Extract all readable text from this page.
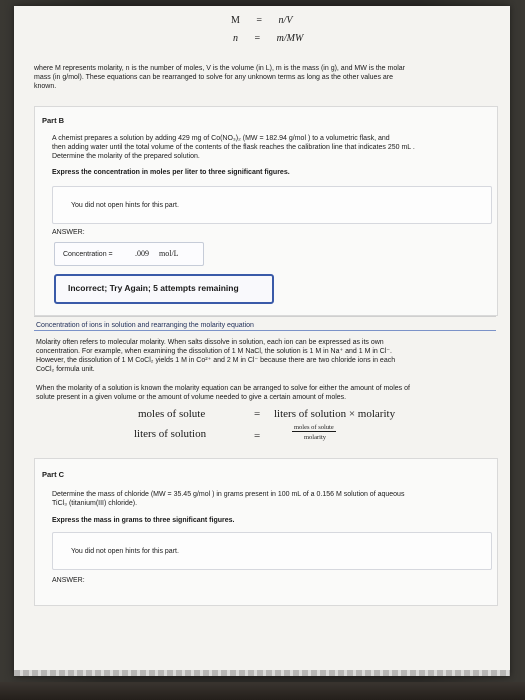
M = n/V
n = m/MW
where M represents molarity, n is the number of moles, V is the volume (in L), m is the mass (in g), and MW is the molar
mass (in g/mol). These equations can be rearranged to solve for any unknown terms as long as the other values are
known.
Part B
A chemist prepares a solution by adding 429 mg of Co(NO₃)₂ (MW = 182.94 g/mol ) to a volumetric flask, and
then adding water until the total volume of the contents of the flask reaches the calibration line that indicates 250 mL .
Determine the molarity of the prepared solution.
Express the concentration in moles per liter to three significant figures.
You did not open hints for this part.
ANSWER:
Concentration =	.009 mol/L
Incorrect; Try Again; 5 attempts remaining
Concentration of ions in solution and rearranging the molarity equation
Molarity often refers to molecular molarity. When salts dissolve in solution, each ion can be expressed as its own
concentration. For example, when examining the dissolution of 1 M NaCl, the solution is 1 M in Na⁺ and 1 M in Cl⁻.
However, the dissolution of 1 M CoCl₂ yields 1 M in Co²⁺ and 2 M in Cl⁻ because there are two chloride ions in each
CoCl₂ formula unit.
When the molarity of a solution is known the molarity equation can be arranged to solve for either the amount of moles of
solute present in a given volume or the amount of volume needed to give a certain amount of moles.
moles of solute	= liters of solution × molarity
liters of solution	=
moles of solute
molarity
Part C
Determine the mass of chloride (MW = 35.45 g/mol ) in grams present in 100 mL of a 0.156 M solution of aqueous
TiCl₃ (titanium(III) chloride).
Express the mass in grams to three significant figures.
You did not open hints for this part.
ANSWER:
